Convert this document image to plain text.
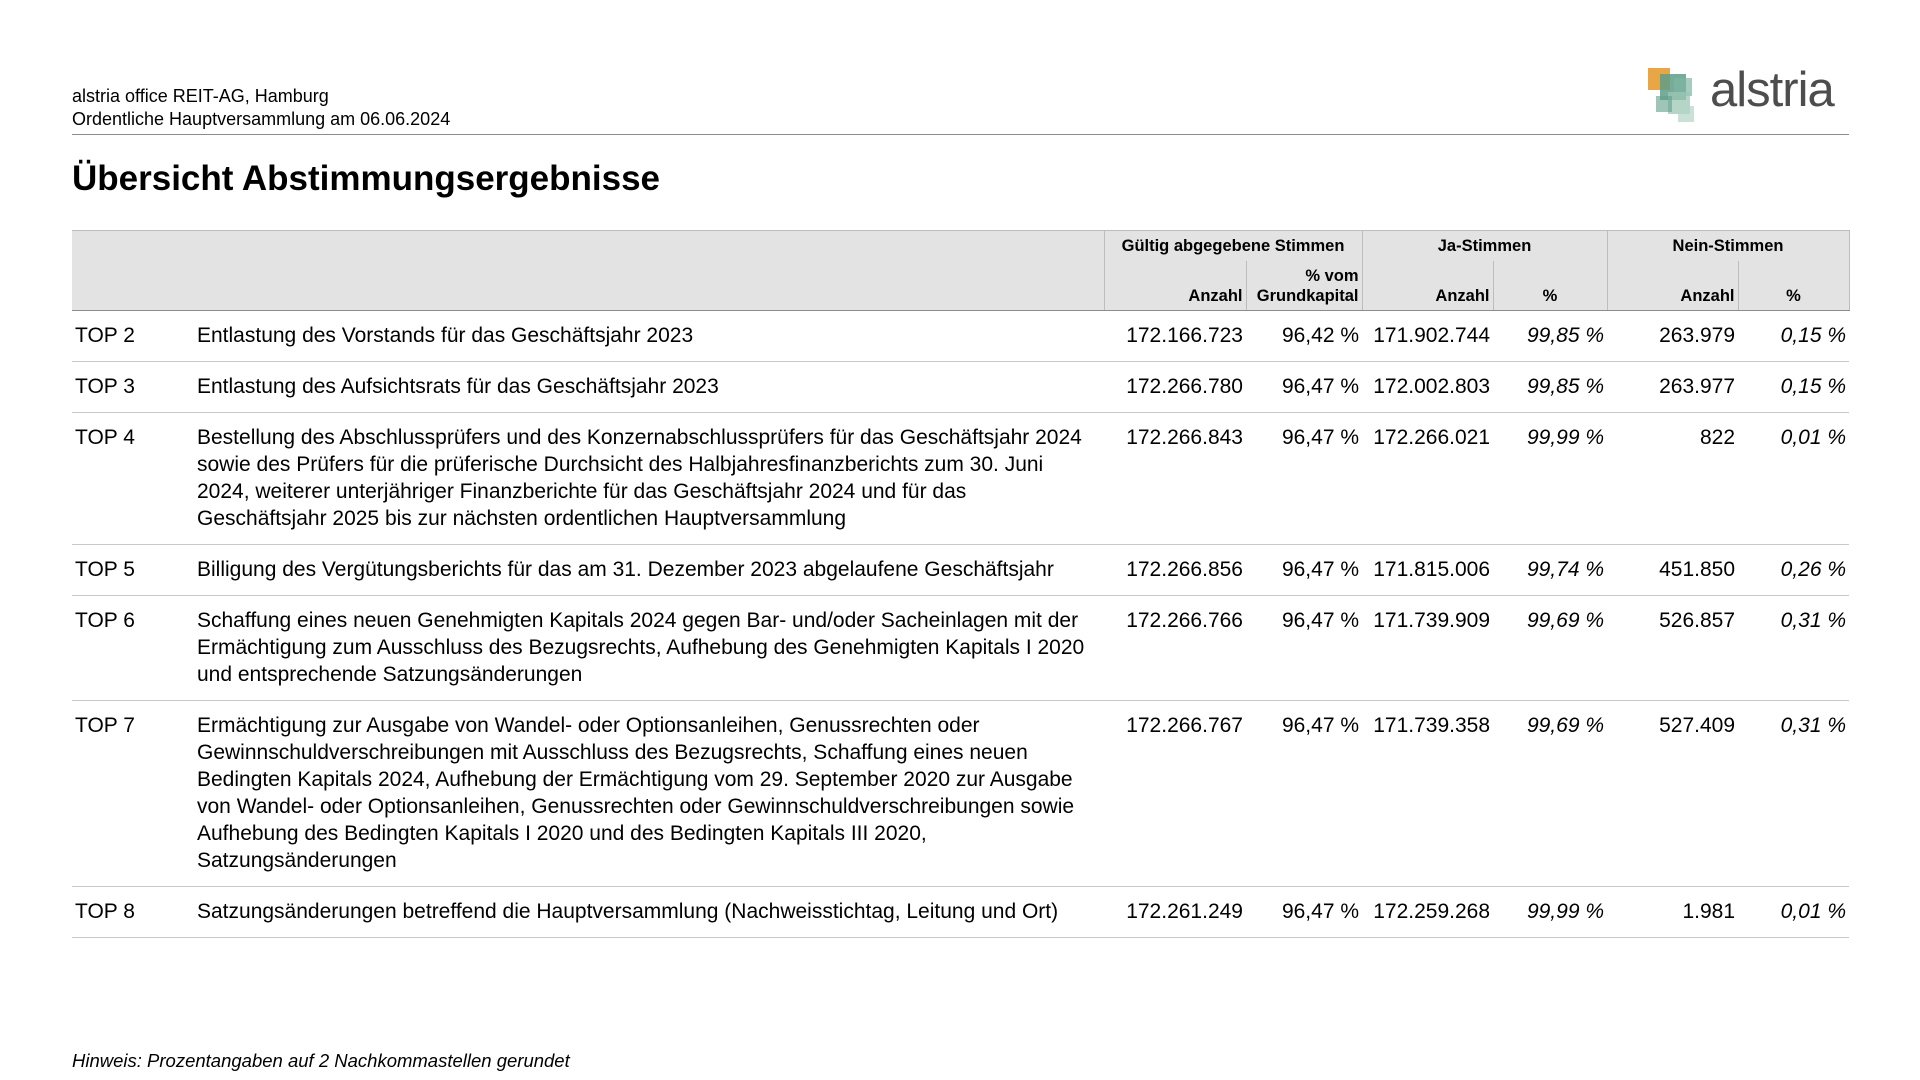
alstria office REIT-AG, Hamburg
Ordentliche Hauptversammlung am 06.06.2024
alstria
Übersicht Abstimmungsergebnisse
		Gültig abgegebene Stimmen		Ja-Stimmen		Nein-Stimmen	
		Anzahl	% vom Grundkapital	Anzahl	%	Anzahl	%
TOP 2	Entlastung des Vorstands für das Geschäftsjahr 2023	172.166.723	96,42 %	171.902.744	99,85 %	263.979	0,15 %
TOP 3	Entlastung des Aufsichtsrats für das Geschäftsjahr 2023	172.266.780	96,47 %	172.002.803	99,85 %	263.977	0,15 %
TOP 4	Bestellung des Abschlussprüfers und des Konzernabschlussprüfers für das Geschäftsjahr 2024 sowie des Prüfers für die prüferische Durchsicht des Halbjahresfinanzberichts zum 30. Juni 2024, weiterer unterjähriger Finanzberichte für das Geschäftsjahr 2024 und für das Geschäftsjahr 2025 bis zur nächsten ordentlichen Hauptversammlung	172.266.843	96,47 %	172.266.021	99,99 %	822	0,01 %
TOP 5	Billigung des Vergütungsberichts für das am 31. Dezember 2023 abgelaufene Geschäftsjahr	172.266.856	96,47 %	171.815.006	99,74 %	451.850	0,26 %
TOP 6	Schaffung eines neuen Genehmigten Kapitals 2024 gegen Bar- und/oder Sacheinlagen mit der Ermächtigung zum Ausschluss des Bezugsrechts, Aufhebung des Genehmigten Kapitals I 2020 und entsprechende Satzungsänderungen	172.266.766	96,47 %	171.739.909	99,69 %	526.857	0,31 %
TOP 7	Ermächtigung zur Ausgabe von Wandel- oder Optionsanleihen, Genussrechten oder Gewinnschuldverschreibungen mit Ausschluss des Bezugsrechts, Schaffung eines neuen Bedingten Kapitals 2024, Aufhebung der Ermächtigung vom 29. September 2020 zur Ausgabe von Wandel- oder Optionsanleihen, Genussrechten oder Gewinnschuldverschreibungen sowie Aufhebung des Bedingten Kapitals I 2020 und des Bedingten Kapitals III 2020, Satzungsänderungen	172.266.767	96,47 %	171.739.358	99,69 %	527.409	0,31 %
TOP 8	Satzungsänderungen betreffend die Hauptversammlung (Nachweisstichtag, Leitung und Ort)	172.261.249	96,47 %	172.259.268	99,99 %	1.981	0,01 %
Hinweis: Prozentangaben auf 2 Nachkommastellen gerundet
